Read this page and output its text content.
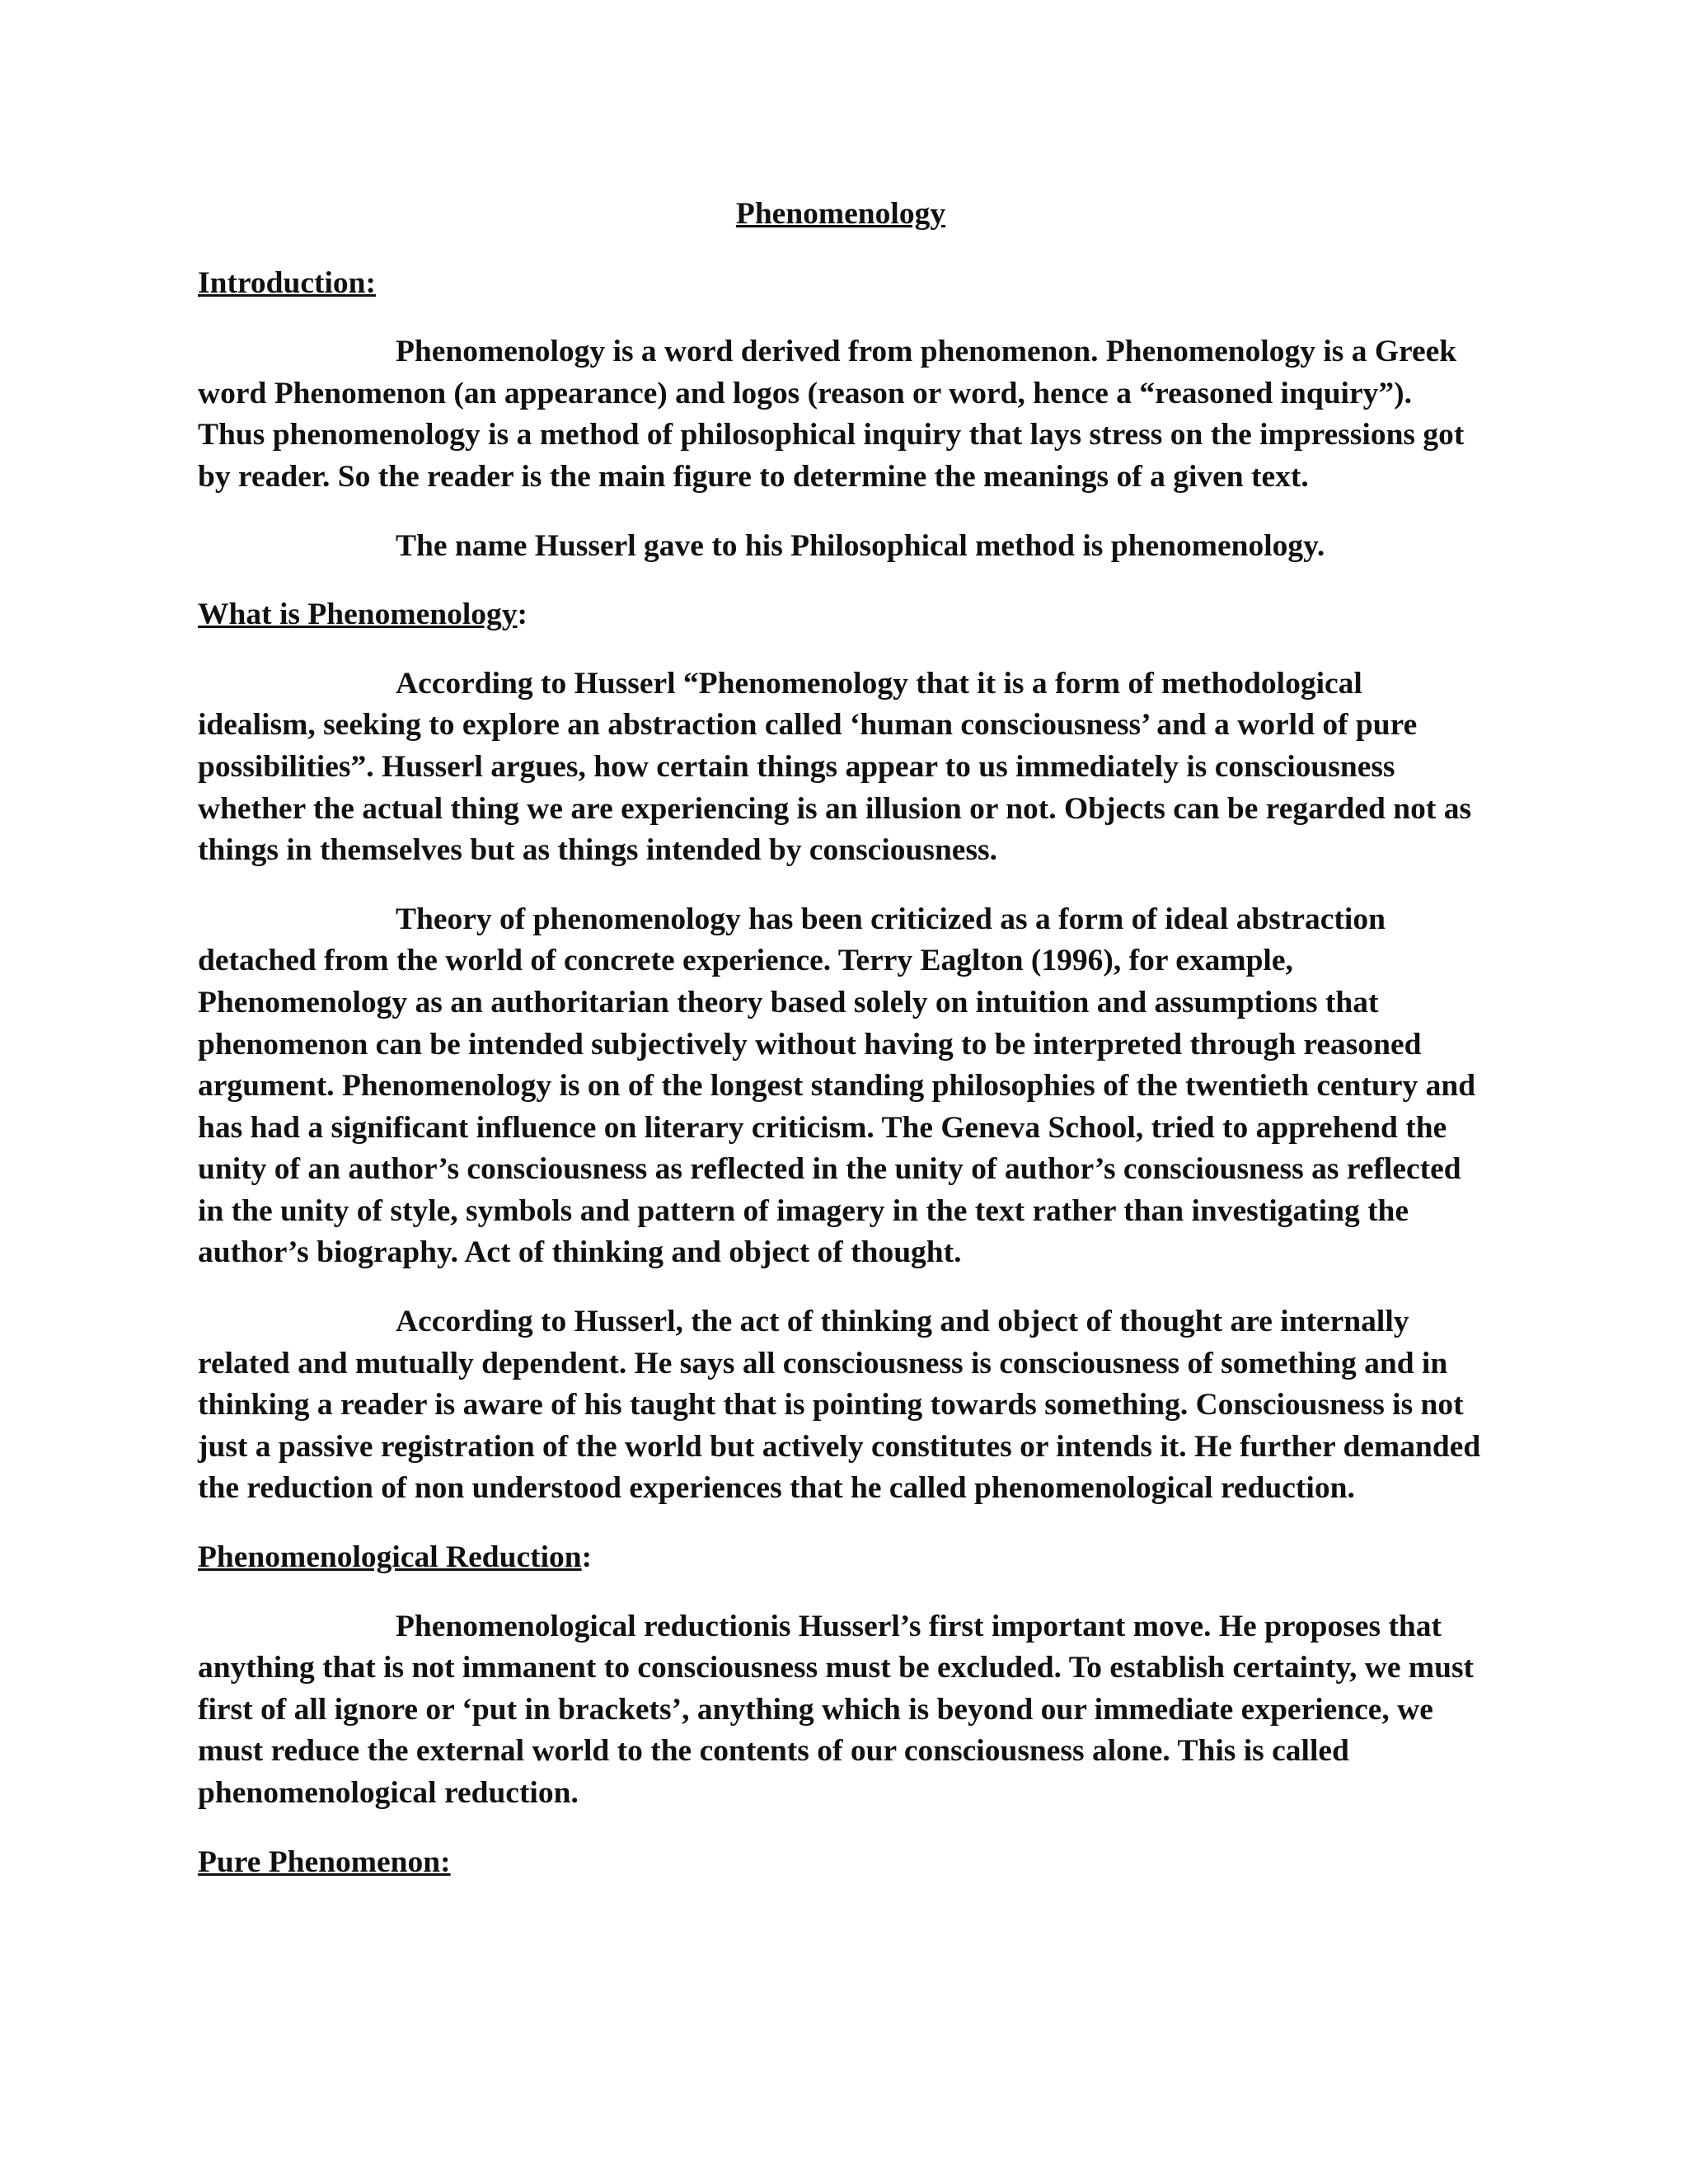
Phenomenology
Introduction:

Phenomenology is a word derived from phenomenon. Phenomenology is a Greek word Phenomenon (an appearance) and logos (reason or word, hence a “reasoned inquiry”). Thus phenomenology is a method of philosophical inquiry that lays stress on the impressions got by reader. So the reader is the main figure to determine the meanings of a given text.

The name Husserl gave to his Philosophical method is phenomenology.

What is Phenomenology:

According to Husserl “Phenomenology that it is a form of methodological idealism, seeking to explore an abstraction called ‘human consciousness’ and a world of pure possibilities”. Husserl argues, how certain things appear to us immediately is consciousness whether the actual thing we are experiencing is an illusion or not. Objects can be regarded not as things in themselves but as things intended by consciousness.

Theory of phenomenology has been criticized as a form of ideal abstraction detached from the world of concrete experience. Terry Eaglton (1996), for example, Phenomenology as an authoritarian theory based solely on intuition and assumptions that phenomenon can be intended subjectively without having to be interpreted through reasoned argument. Phenomenology is on of the longest standing philosophies of the twentieth century and has had a significant influence on literary criticism. The Geneva School, tried to apprehend the unity of an author’s consciousness as reflected in the unity of author’s consciousness as reflected in the unity of style, symbols and pattern of imagery in the text rather than investigating the author’s biography. Act of thinking and object of thought.

According to Husserl, the act of thinking and object of thought are internally related and mutually dependent. He says all consciousness is consciousness of something and in thinking a reader is aware of his taught that is pointing towards something. Consciousness is not just a passive registration of the world but actively constitutes or intends it. He further demanded the reduction of non understood experiences that he called phenomenological reduction.

Phenomenological Reduction:

Phenomenological reductionis Husserl’s first important move. He proposes that anything that is not immanent to consciousness must be excluded. To establish certainty, we must first of all ignore or ‘put in brackets’, anything which is beyond our immediate experience, we must reduce the external world to the contents of our consciousness alone. This is called phenomenological reduction.

Pure Phenomenon:
